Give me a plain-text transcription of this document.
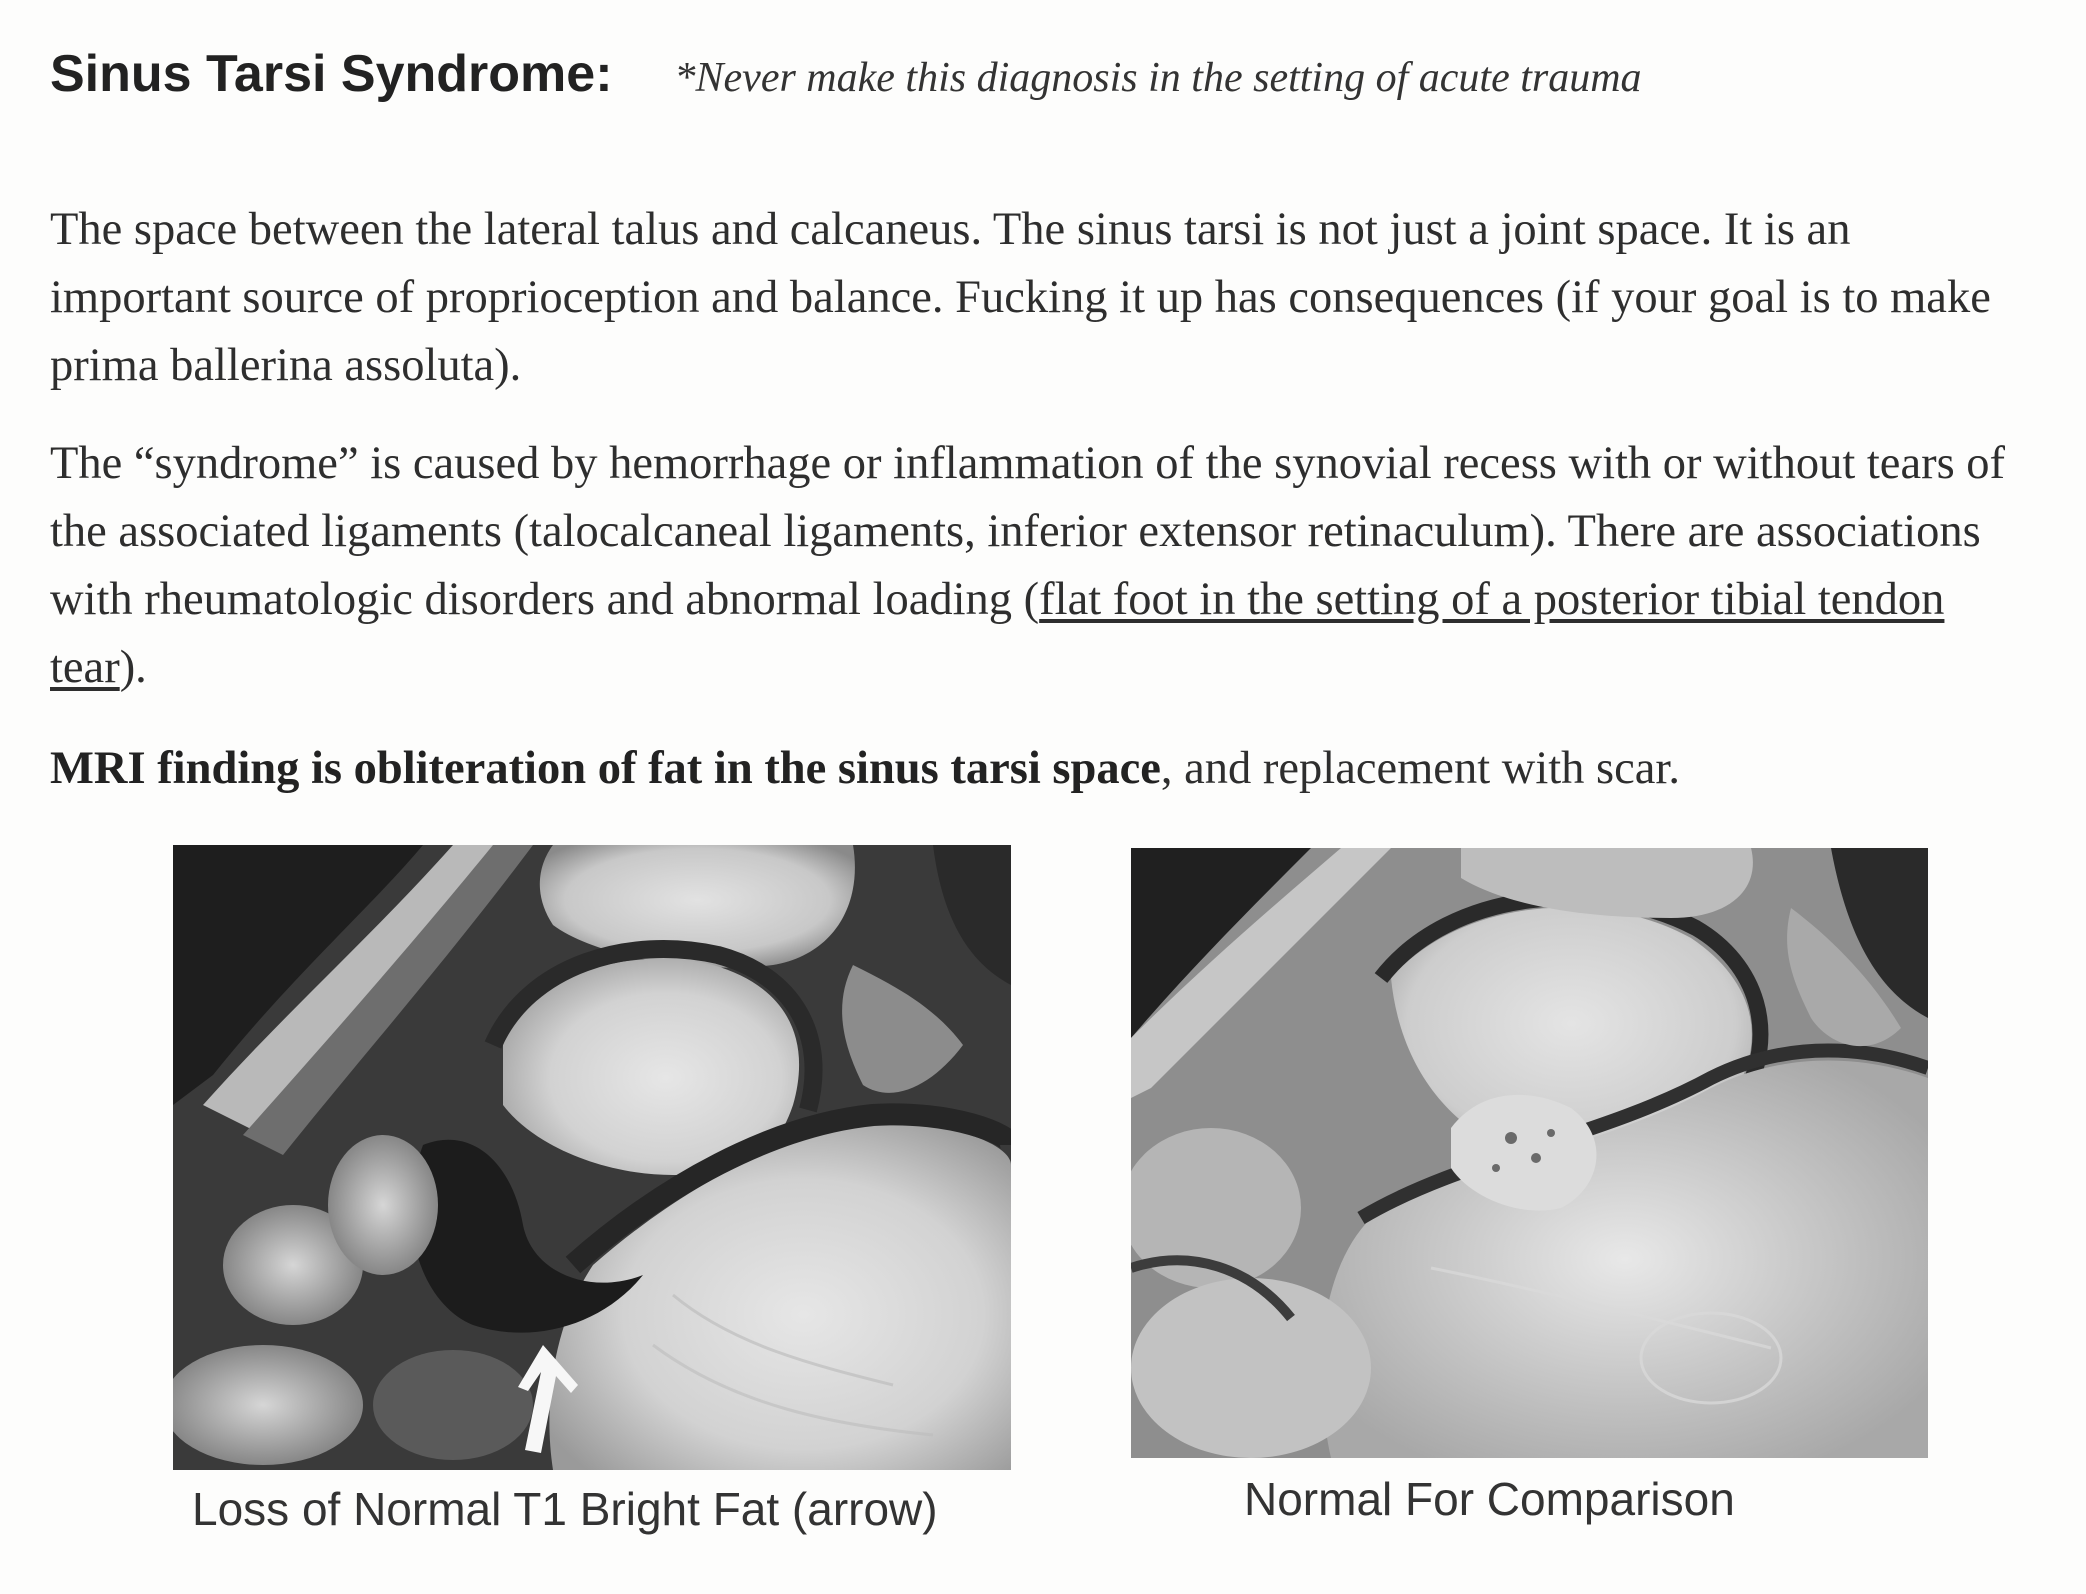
Sinus Tarsi Syndrome: *Never make this diagnosis in the setting of acute trauma
The space between the lateral talus and calcaneus. The sinus tarsi is not just a joint space. It is an important source of proprioception and balance. Fucking it up has consequences (if your goal is to make prima ballerina assoluta).
The “syndrome” is caused by hemorrhage or inflammation of the synovial recess with or without tears of the associated ligaments (talocalcaneal ligaments, inferior extensor retinaculum). There are associations with rheumatologic disorders and abnormal loading (flat foot in the setting of a posterior tibial tendon tear).
MRI finding is obliteration of fat in the sinus tarsi space, and replacement with scar.
Loss of Normal T1 Bright Fat (arrow)	Normal For Comparison
